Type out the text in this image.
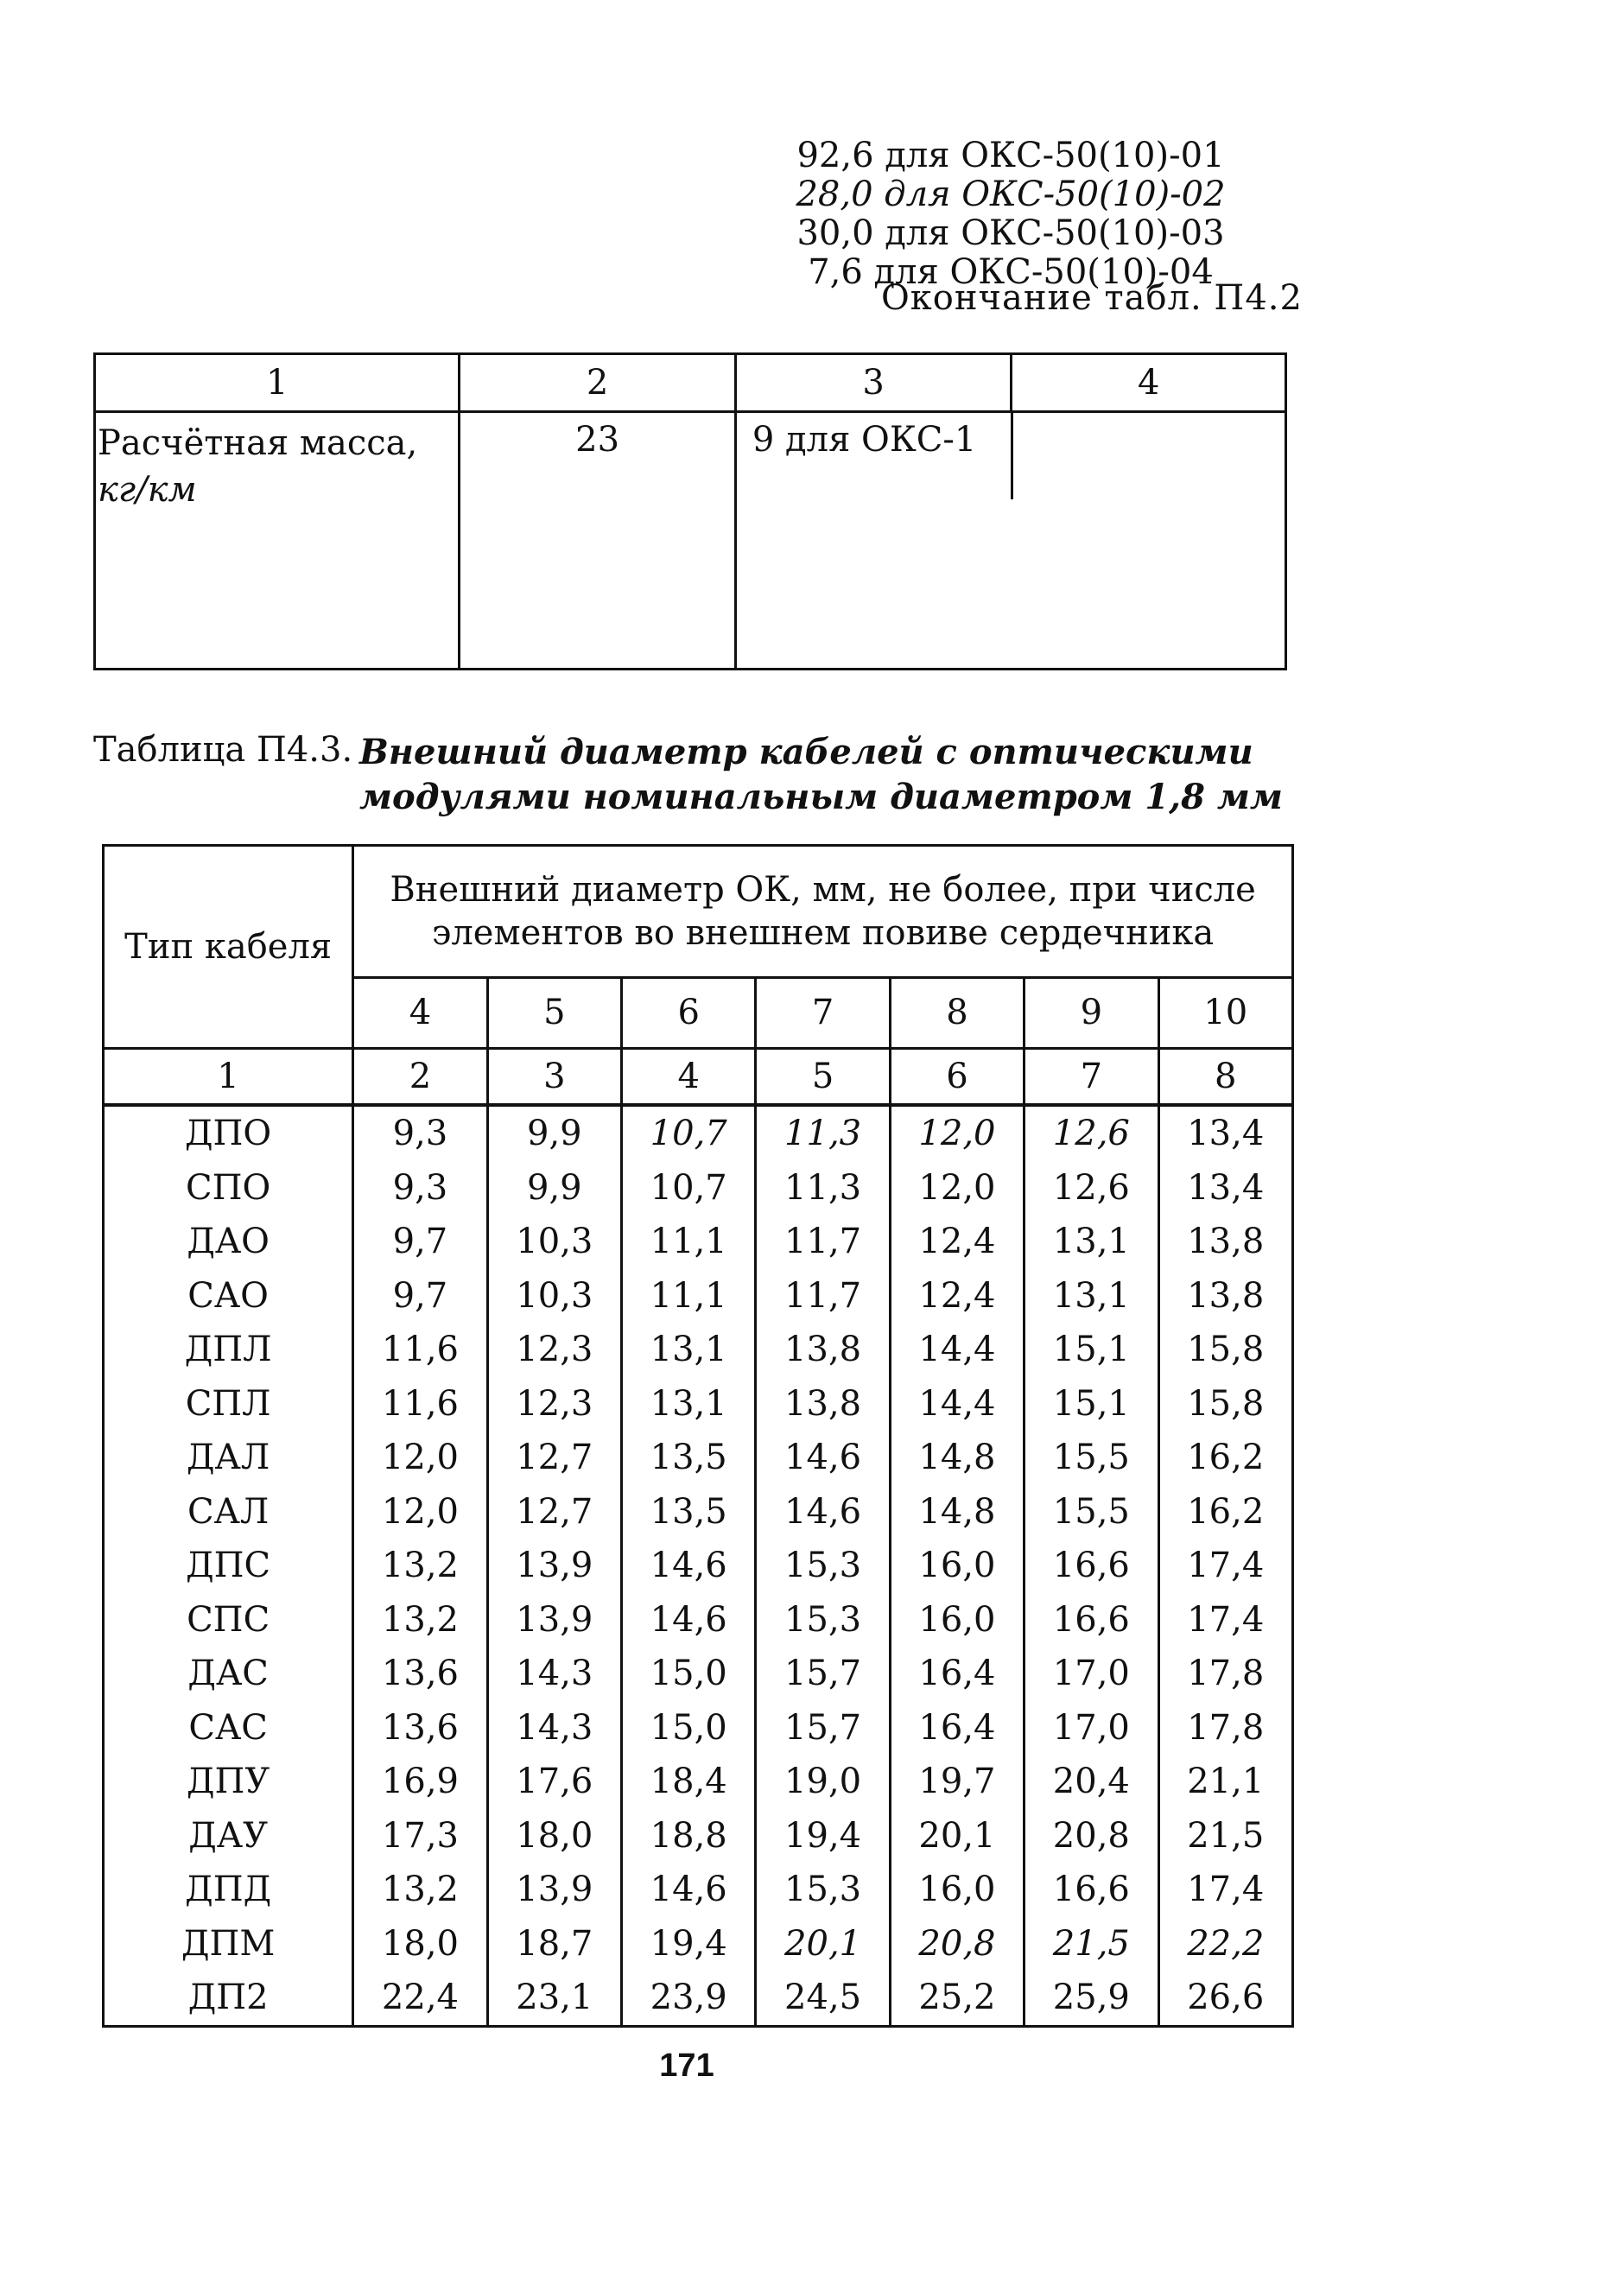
Окончание табл. П4.2
1	2	3	4

Расчётная масса,
кг/км	23	9 для ОКС-1	

92,6 для ОКС-50(10)-01
28,0 для ОКС-50(10)-02
30,0 для ОКС-50(10)-03
7,6 для ОКС-50(10)-04
Таблица П4.3. Внешний диаметр кабелей с оптическими
модулями номинальным диаметром 1,8 мм
Тип кабеля	Внешний диаметр ОК, мм, не более, при числе
элементов во внешнем повиве сердечника						
	4	5	6	7	8	9	10
1	2	3	4	5	6	7	8
ДПО	9,3	9,9	10,7	11,3	12,0	12,6	13,4
СПО	9,3	9,9	10,7	11,3	12,0	12,6	13,4
ДАО	9,7	10,3	11,1	11,7	12,4	13,1	13,8
САО	9,7	10,3	11,1	11,7	12,4	13,1	13,8
ДПЛ	11,6	12,3	13,1	13,8	14,4	15,1	15,8
СПЛ	11,6	12,3	13,1	13,8	14,4	15,1	15,8
ДАЛ	12,0	12,7	13,5	14,6	14,8	15,5	16,2
САЛ	12,0	12,7	13,5	14,6	14,8	15,5	16,2
ДПС	13,2	13,9	14,6	15,3	16,0	16,6	17,4
СПС	13,2	13,9	14,6	15,3	16,0	16,6	17,4
ДАС	13,6	14,3	15,0	15,7	16,4	17,0	17,8
САС	13,6	14,3	15,0	15,7	16,4	17,0	17,8
ДПУ	16,9	17,6	18,4	19,0	19,7	20,4	21,1
ДАУ	17,3	18,0	18,8	19,4	20,1	20,8	21,5
ДПД	13,2	13,9	14,6	15,3	16,0	16,6	17,4
ДПМ	18,0	18,7	19,4	20,1	20,8	21,5	22,2
ДП2	22,4	23,1	23,9	24,5	25,2	25,9	26,6
171
